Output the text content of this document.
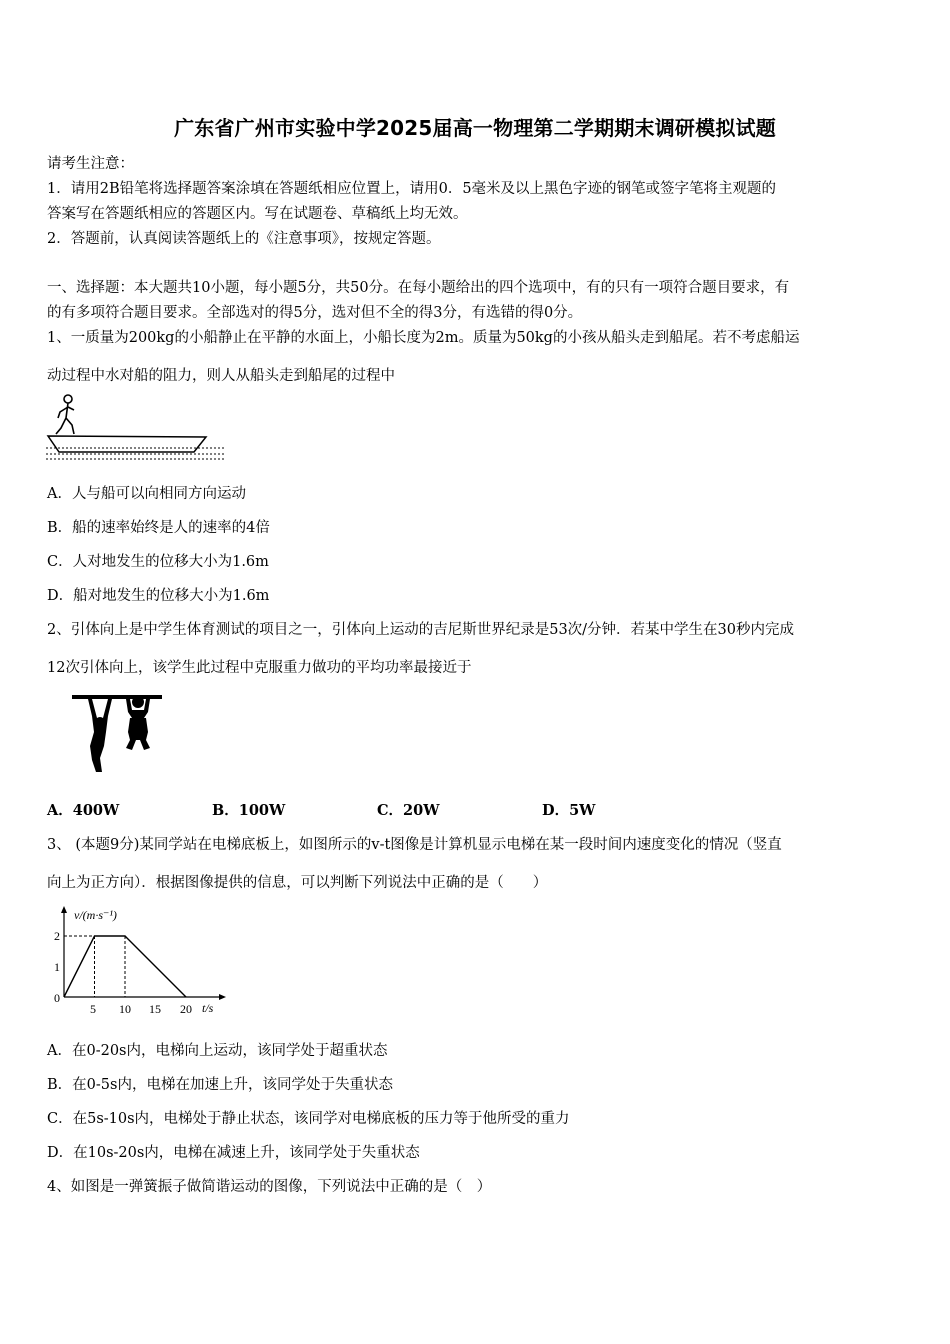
广东省广州市实验中学2025届高一物理第二学期期末调研模拟试题
请考生注意：
1．请用2B铅笔将选择题答案涂填在答题纸相应位置上，请用0．5毫米及以上黑色字迹的钢笔或签字笔将主观题的
答案写在答题纸相应的答题区内。写在试题卷、草稿纸上均无效。
2．答题前，认真阅读答题纸上的《注意事项》，按规定答题。
一、选择题：本大题共10小题，每小题5分，共50分。在每小题给出的四个选项中，有的只有一项符合题目要求，有
的有多项符合题目要求。全部选对的得5分，选对但不全的得3分，有选错的得0分。
1、一质量为200kg的小船静止在平静的水面上，小船长度为2m。质量为50kg的小孩从船头走到船尾。若不考虑船运
动过程中水对船的阻力，则人从船头走到船尾的过程中
A．人与船可以向相同方向运动
B．船的速率始终是人的速率的4倍
C．人对地发生的位移大小为1.6m
D．船对地发生的位移大小为1.6m
2、引体向上是中学生体育测试的项目之一，引体向上运动的吉尼斯世界纪录是53次/分钟．若某中学生在30秒内完成
12次引体向上，该学生此过程中克服重力做功的平均功率最接近于
A．400W	B．100W	C．20W	D．5W
3、 (本题9分)某同学站在电梯底板上，如图所示的v-t图像是计算机显示电梯在某一段时间内速度变化的情况（竖直
向上为正方向）．根据图像提供的信息，可以判断下列说法中正确的是（　　）
v/(m·s⁻¹)
t/s
2
1
0
5 10 15 20
A．在0-20s内，电梯向上运动，该同学处于超重状态
B．在0-5s内，电梯在加速上升，该同学处于失重状态
C．在5s-10s内，电梯处于静止状态，该同学对电梯底板的压力等于他所受的重力
D．在10s-20s内，电梯在减速上升，该同学处于失重状态
4、如图是一弹簧振子做简谐运动的图像，下列说法中正确的是（　）
